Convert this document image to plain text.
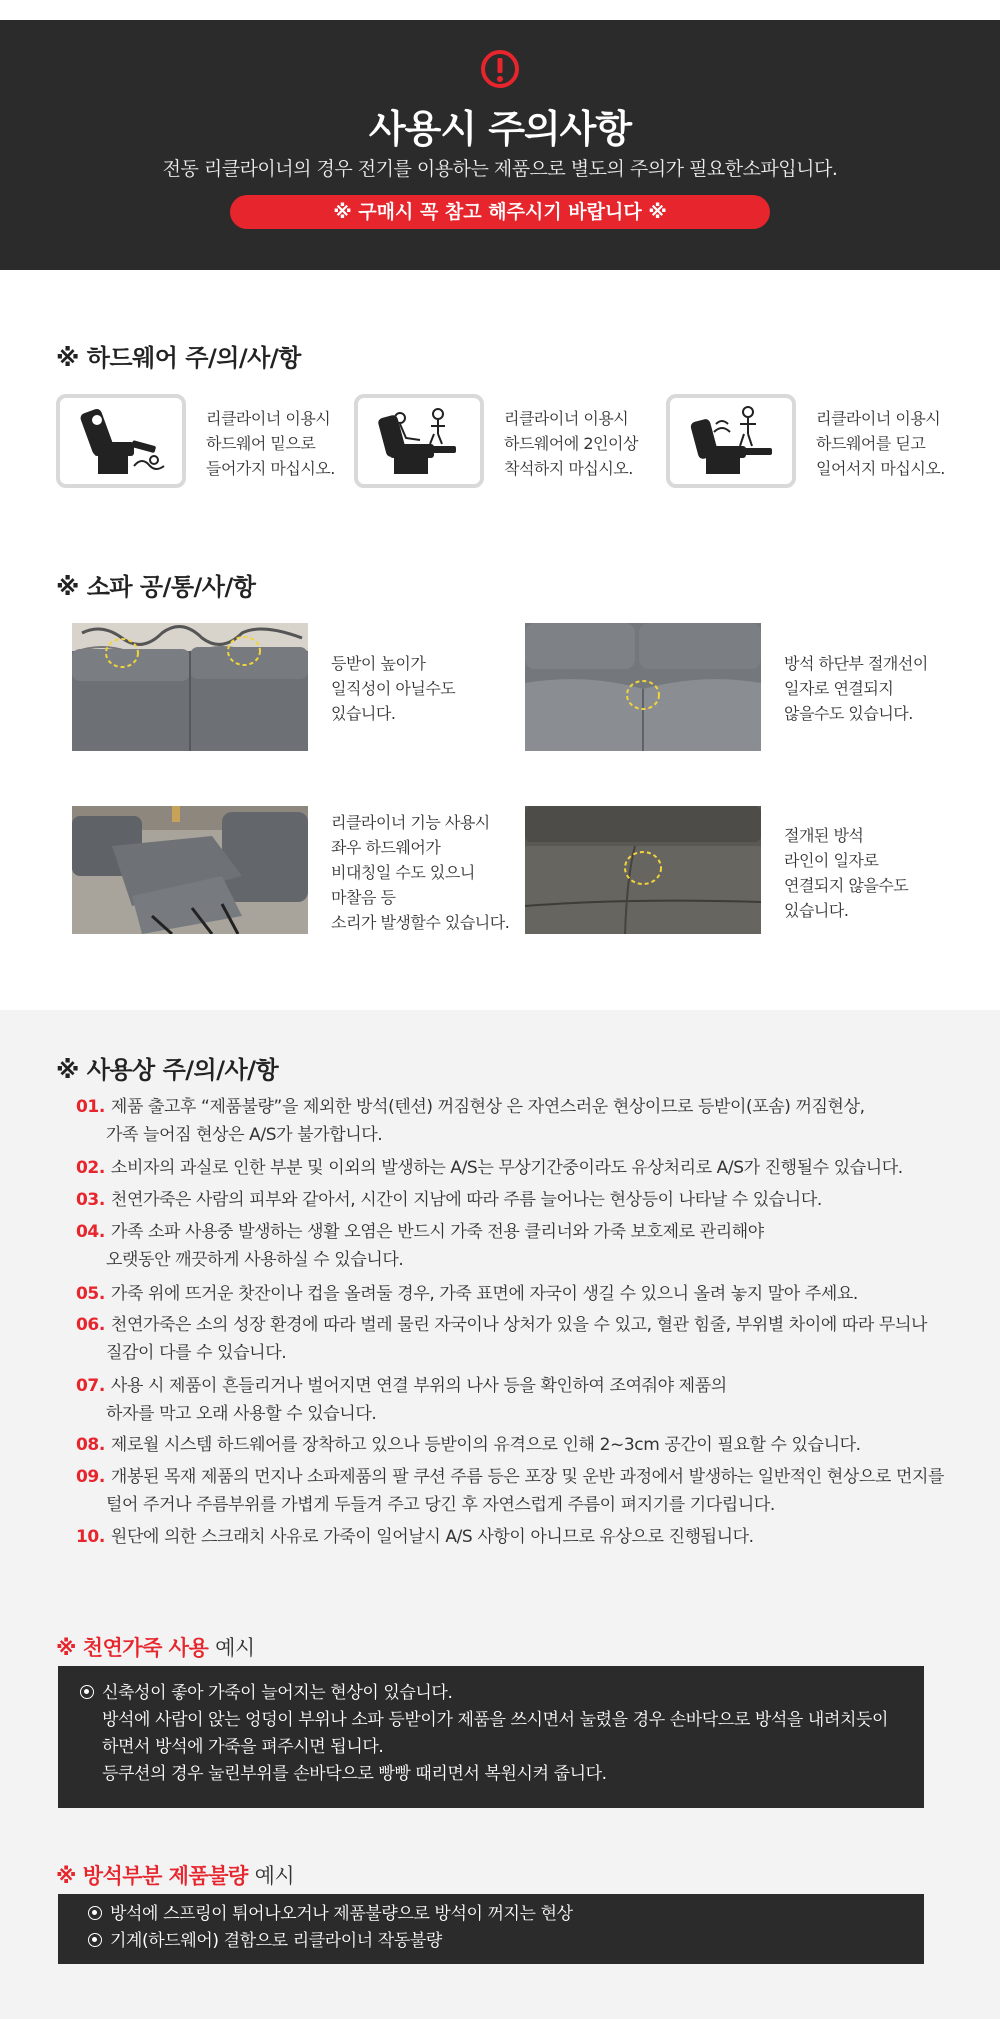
사용시 주의사항
전동 리클라이너의 경우 전기를 이용하는 제품으로 별도의 주의가 필요한소파입니다.
※ 구매시 꼭 참고 해주시기 바랍니다 ※
※ 하드웨어 주/의/사/항
리클라이너 이용시
하드웨어 밑으로
들어가지 마십시오.
리클라이너 이용시
하드웨어에 2인이상
착석하지 마십시오.
리클라이너 이용시
하드웨어를 딛고
일어서지 마십시오.
※ 소파 공/통/사/항
등받이 높이가
일직성이 아닐수도
있습니다.
방석 하단부 절개선이
일자로 연결되지
않을수도 있습니다.
리클라이너 기능 사용시
좌우 하드웨어가
비대칭일 수도 있으니
마찰음 등
소리가 발생할수 있습니다.
절개된 방석
라인이 일자로
연결되지 않을수도
있습니다.
※ 사용상 주/의/사/항
01. 제품 출고후 “제품불량”을 제외한 방석(텐션) 꺼짐현상 은 자연스러운 현상이므로 등받이(포솜) 꺼짐현상,
가족 늘어짐 현상은 A/S가 불가합니다.
02. 소비자의 과실로 인한 부분 및 이외의 발생하는 A/S는 무상기간중이라도 유상처리로 A/S가 진행될수 있습니다.
03. 천연가죽은 사람의 피부와 같아서, 시간이 지남에 따라 주름 늘어나는 현상등이 나타날 수 있습니다.
04. 가족 소파 사용중 발생하는 생활 오염은 반드시 가죽 전용 클리너와 가죽 보호제로 관리해야
오랫동안 깨끗하게 사용하실 수 있습니다.
05. 가죽 위에 뜨거운 찻잔이나 컵을 올려둘 경우, 가죽 표면에 자국이 생길 수 있으니 올려 놓지 말아 주세요.
06. 천연가죽은 소의 성장 환경에 따라 벌레 물린 자국이나 상처가 있을 수 있고, 혈관 힘줄, 부위별 차이에 따라 무늬나
질감이 다를 수 있습니다.
07. 사용 시 제품이 흔들리거나 벌어지면 연결 부위의 나사 등을 확인하여 조여줘야 제품의
하자를 막고 오래 사용할 수 있습니다.
08. 제로월 시스템 하드웨어를 장착하고 있으나 등받이의 유격으로 인해 2~3cm 공간이 필요할 수 있습니다.
09. 개봉된 목재 제품의 먼지나 소파제품의 팔 쿠션 주름 등은 포장 및 운반 과정에서 발생하는 일반적인 현상으로 먼지를
털어 주거나 주름부위를 가볍게 두들겨 주고 당긴 후 자연스럽게 주름이 펴지기를 기다립니다.
10. 원단에 의한 스크래치 사유로 가죽이 일어날시 A/S 사항이 아니므로 유상으로 진행됩니다.
※ 천연가죽 사용 예시
신축성이 좋아 가죽이 늘어지는 현상이 있습니다.
방석에 사람이 앉는 엉덩이 부위나 소파 등받이가 제품을 쓰시면서 눌렸을 경우 손바닥으로 방석을 내려치듯이
하면서 방석에 가죽을 펴주시면 됩니다.
등쿠션의 경우 눌린부위를 손바닥으로 빵빵 때리면서 복원시켜 줍니다.
※ 방석부분 제품불량 예시
방석에 스프링이 튀어나오거나 제품불량으로 방석이 꺼지는 현상
기계(하드웨어) 결함으로 리클라이너 작동불량
